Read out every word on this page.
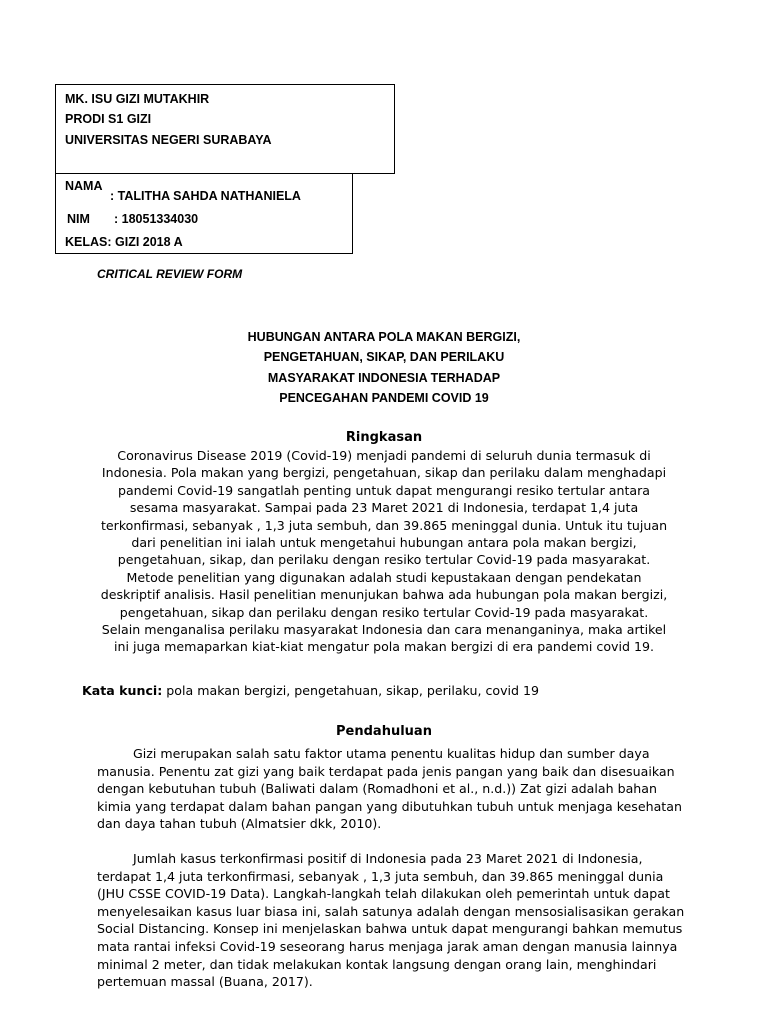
MK. ISU GIZI MUTAKHIR
PRODI S1 GIZI
UNIVERSITAS NEGERI SURABAYA
NAMA
: TALITHA SAHDA NATHANIELA
NIM : 18051334030
KELAS: GIZI 2018 A
CRITICAL REVIEW FORM
HUBUNGAN ANTARA POLA MAKAN BERGIZI,
PENGETAHUAN, SIKAP, DAN PERILAKU
MASYARAKAT INDONESIA TERHADAP
PENCEGAHAN PANDEMI COVID 19
Ringkasan
Coronavirus Disease 2019 (Covid-19) menjadi pandemi di seluruh dunia termasuk di Indonesia. Pola makan yang bergizi, pengetahuan, sikap dan perilaku dalam menghadapi pandemi Covid-19 sangatlah penting untuk dapat mengurangi resiko tertular antara sesama masyarakat. Sampai pada 23 Maret 2021 di Indonesia, terdapat 1,4 juta terkonfirmasi, sebanyak , 1,3 juta sembuh, dan 39.865 meninggal dunia. Untuk itu tujuan dari penelitian ini ialah untuk mengetahui hubungan antara pola makan bergizi, pengetahuan, sikap, dan perilaku dengan resiko tertular Covid-19 pada masyarakat. Metode penelitian yang digunakan adalah studi kepustakaan dengan pendekatan deskriptif analisis. Hasil penelitian menunjukan bahwa ada hubungan pola makan bergizi, pengetahuan, sikap dan perilaku dengan resiko tertular Covid-19 pada masyarakat. Selain menganalisa perilaku masyarakat Indonesia dan cara menanganinya, maka artikel ini juga memaparkan kiat-kiat mengatur pola makan bergizi di era pandemi covid 19.
Kata kunci: pola makan bergizi, pengetahuan, sikap, perilaku, covid 19
Pendahuluan
Gizi merupakan salah satu faktor utama penentu kualitas hidup dan sumber daya manusia. Penentu zat gizi yang baik terdapat pada jenis pangan yang baik dan disesuaikan dengan kebutuhan tubuh (Baliwati dalam (Romadhoni et al., n.d.)) Zat gizi adalah bahan kimia yang terdapat dalam bahan pangan yang dibutuhkan tubuh untuk menjaga kesehatan dan daya tahan tubuh (Almatsier dkk, 2010).
Jumlah kasus terkonfirmasi positif di Indonesia pada 23 Maret 2021 di Indonesia, terdapat 1,4 juta terkonfirmasi, sebanyak , 1,3 juta sembuh, dan 39.865 meninggal dunia (JHU CSSE COVID-19 Data). Langkah-langkah telah dilakukan oleh pemerintah untuk dapat menyelesaikan kasus luar biasa ini, salah satunya adalah dengan mensosialisasikan gerakan Social Distancing. Konsep ini menjelaskan bahwa untuk dapat mengurangi bahkan memutus mata rantai infeksi Covid-19 seseorang harus menjaga jarak aman dengan manusia lainnya minimal 2 meter, dan tidak melakukan kontak langsung dengan orang lain, menghindari pertemuan massal (Buana, 2017).
